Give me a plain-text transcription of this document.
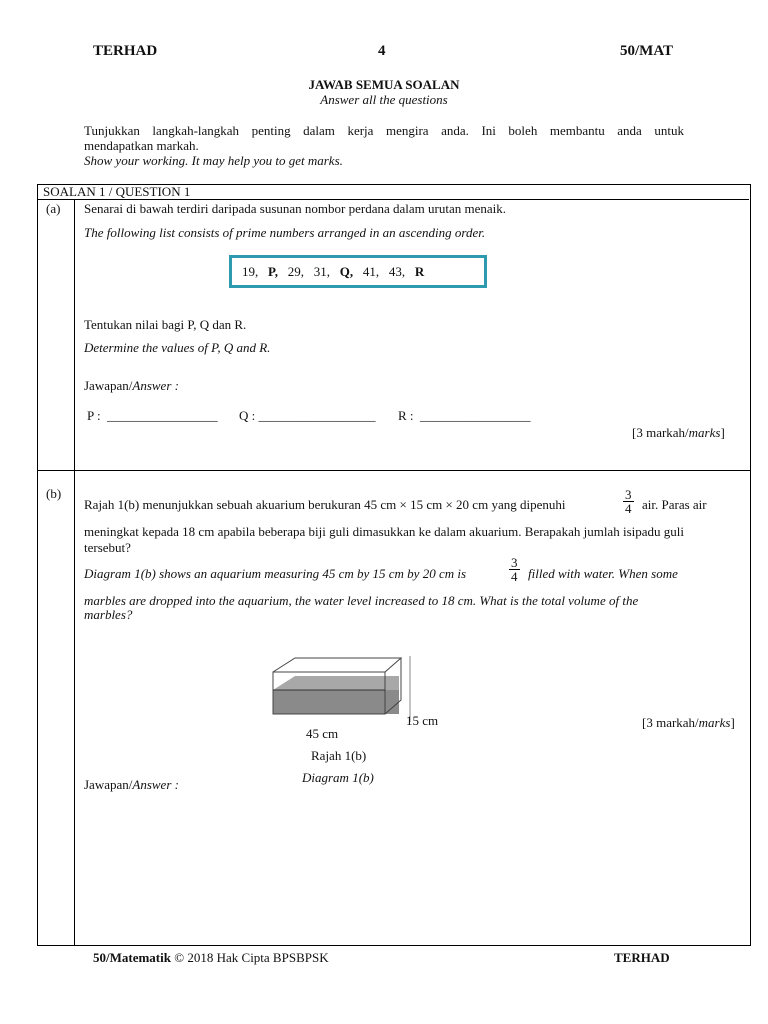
TERHAD	4	50/MAT
JAWAB SEMUA SOALAN
Answer all the questions
Tunjukkan langkah-langkah penting dalam kerja mengira anda. Ini boleh membantu anda untuk
mendapatkan markah.
Show your working. It may help you to get marks.
SOALAN 1 / QUESTION 1
(a) Senarai di bawah terdiri daripada susunan nombor perdana dalam urutan menaik.
The following list consists of prime numbers arranged in an ascending order.
19, P, 29, 31, Q, 41, 43, R
Tentukan nilai bagi P, Q dan R.
Determine the values of P, Q and R.
Jawapan/Answer :
P :  _________________ Q : __________________ R :  _________________
[3 markah/marks]
(b)
Rajah 1(b) menunjukkan sebuah akuarium berukuran 45 cm × 15 cm × 20 cm yang dipenuhi	$\frac{3}{4}$ air. Paras air
meningkat kepada 18 cm apabila beberapa biji guli dimasukkan ke dalam akuarium. Berapakah jumlah isipadu guli
tersebut?
Diagram 1(b) shows an aquarium measuring 45 cm by 15 cm by 20 cm is	$\frac{3}{4}$ filled with water. When some
marbles are dropped into the aquarium, the water level increased to 18 cm. What is the total volume of the
marbles?
15 cm
45 cm
Rajah 1(b)
Diagram 1(b)
[3 markah/marks]
Jawapan/Answer :
50/Matematik © 2018 Hak Cipta BPSBPSK	TERHAD
